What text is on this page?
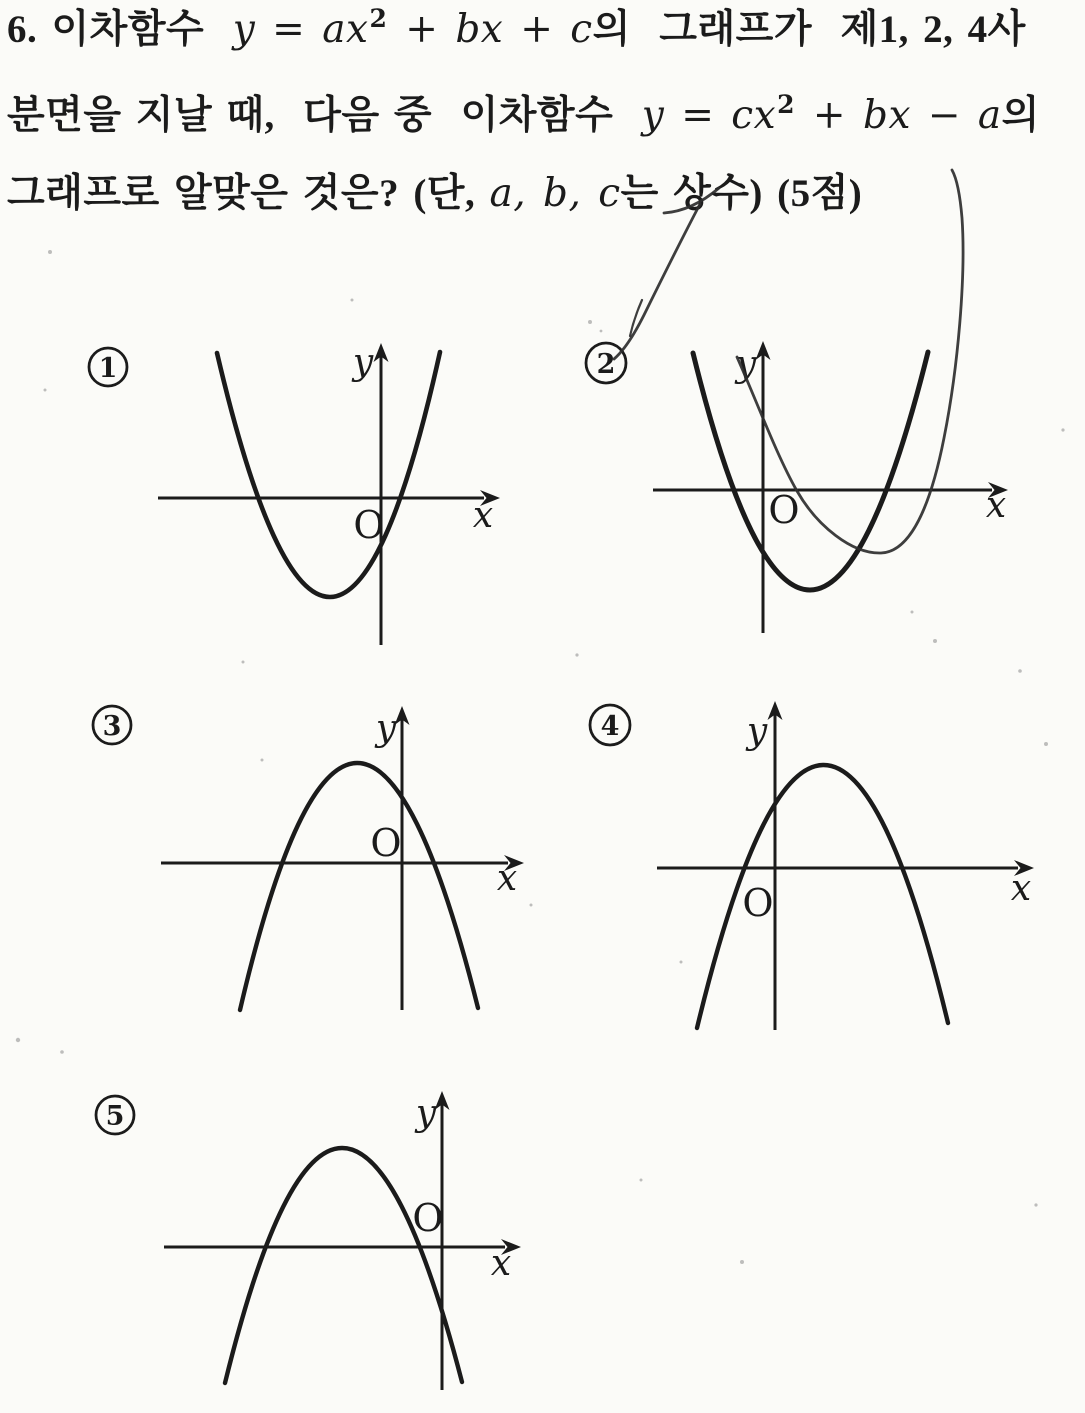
6. 이차함수  $y = ax^2$ + bx + c의  그래프가  제1, 2, 4사
분면을 지날 때,  다음 중  이차함수  $y = cx^2$ + bx − a의
그래프로 알맞은 것은? (단, a, b, c는 상수) (5점)
1	y
x
O
2	y
x
O
3	y
x
O
4	y
x
O
5	y
x
O
